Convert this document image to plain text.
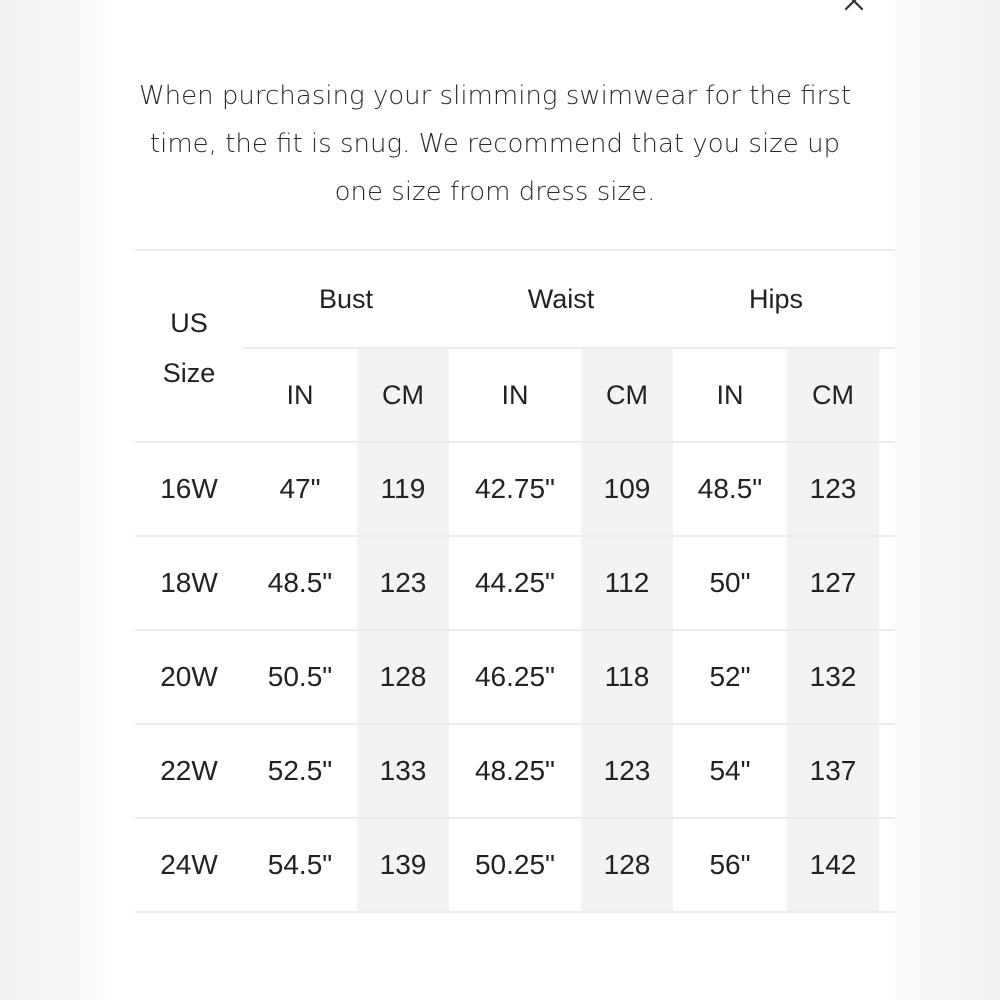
When purchasing your slimming swimwear for the first time, the fit is snug. We recommend that you size up one size from dress size.

US
Size	Bust		Waist		Hips		
	IN	CM	IN	CM	IN	CM	
16W	47"	119	42.75"	109	48.5"	123	
18W	48.5"	123	44.25"	112	50"	127	
20W	50.5"	128	46.25"	118	52"	132	
22W	52.5"	133	48.25"	123	54"	137	
24W	54.5"	139	50.25"	128	56"	142	
